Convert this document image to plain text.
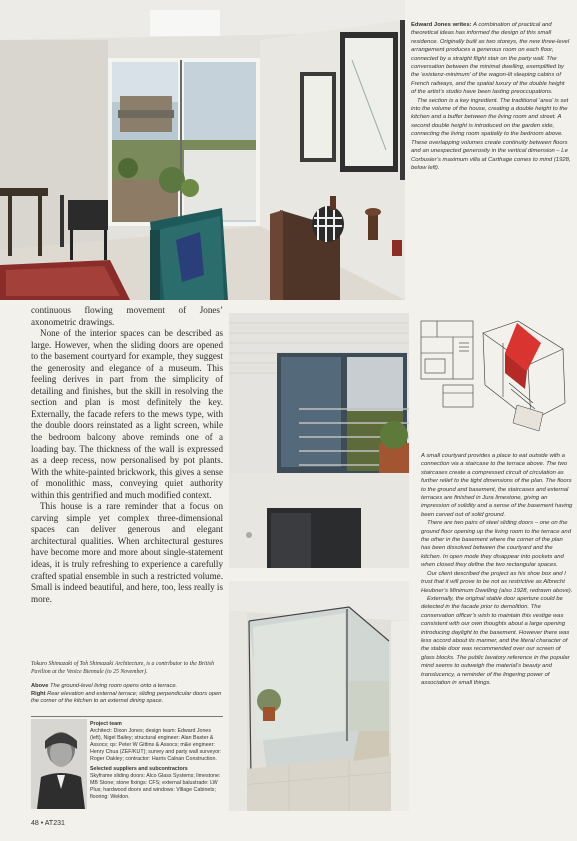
Edward Jones writes: A combination of practical and theoretical ideas has informed the design of this small residence. Originally built as two storeys, the new three-level arrangement produces a generous room on each floor, connected by a straight flight stair on the party wall. The conversation between the minimal dwelling, exemplified by the ‘existenz-minimum’ of the wagon-lit sleeping cabins of French railways, and the spatial luxury of the double height of the artist’s studio have been lasting preoccupations.

The section is a key ingredient. The traditional ‘area’ is set into the volume of the house, creating a double height to the kitchen and a buffer between the living room and street. A second double height is introduced on the garden side, connecting the living room spatially to the bedroom above. These overlapping volumes create continuity between floors and an unexpected generosity in the vertical dimension – Le Corbusier’s maximum villa at Carthage comes to mind (1928, below left).

A small courtyard provides a place to eat outside with a connection via a staircase to the terrace above. The two staircases create a compressed circuit of circulation as further relief to the tight dimensions of the plan. The floors to the ground and basement, the staircases and external terraces are finished in Jura limestone, giving an impression of solidity and a sense of the basement having been carved out of solid ground.

There are two pairs of steel sliding doors – one on the ground floor opening up the living room to the terrace and the other in the basement where the corner of the plan has been dissolved between the courtyard and the kitchen. In open mode they disappear into pockets and when closed they define the two rectangular spaces.

Our client described the project as his shoe box and I trust that it will prove to be not as restrictive as Albrecht Heubner’s Minimum Dwelling (also 1928, redrawn above).

Externally, the original stable door aperture could be detected in the facade prior to demolition. The conservation officer’s wish to maintain this vestige was consistent with our own thoughts about a large opening introducing daylight to the basement. However there was less accord about its manner, and the literal character of the stable door was recommended over our screen of glass blocks. The public lavatory reference in the popular mind seems to outweigh the material’s beauty and translucency, a reminder of the lingering power of association in small things.

continuous flowing movement of Jones’ axonometric drawings.

None of the interior spaces can be described as large. However, when the sliding doors are opened to the basement courtyard for example, they suggest the generosity and elegance of a museum. This feeling derives in part from the simplicity of detailing and finishes, but the skill in resolving the section and plan is most definitely the key. Externally, the facade refers to the mews type, with the double doors reinstated as a light screen, while the bedroom balcony above reminds one of a loading bay. The thickness of the wall is expressed as a deep recess, now personalised by pot plants. With the white-painted brickwork, this gives a sense of monolithic mass, conveying quiet authority within this gentrified and much modified context.

This house is a rare reminder that a focus on carving simple yet complex three-dimensional spaces can deliver generous and elegant architectural qualities. When architectural gestures have become more and more about single-statement ideas, it is truly refreshing to experience a carefully crafted spatial ensemble in such a restricted volume. Small is indeed beautiful, and here, too, less really is more.

Tokuro Shimazaki of Toh Shimazaki Architecture, is a contributor to the British Pavilion at the Venice Biennale (to 25 November).
Above The ground-level living room opens onto a terrace.
Right Rear elevation and external terrace; sliding perpendicular doors open the corner of the kitchen to an external dining space.
Project team
Architect: Dixon Jones; design team: Edward Jones (left), Nigel Bailey; structural engineer: Alan Baxter & Assocs; qs: Peter W Gittins & Assocs; m&e engineer: Henry Chua (ZEF/KUT); survey and party wall surveyor: Roger Oakley; contractor: Harris Calnan Construction.
Selected suppliers and subcontractors
Skyframe sliding doors: Alco Glass Systems; limestone: MB Stone; stone fixings: CFS; external balustrade: LW Plus; hardwood doors and windows: Village Cabinets; flooring: Weldon.
48 • AT231
